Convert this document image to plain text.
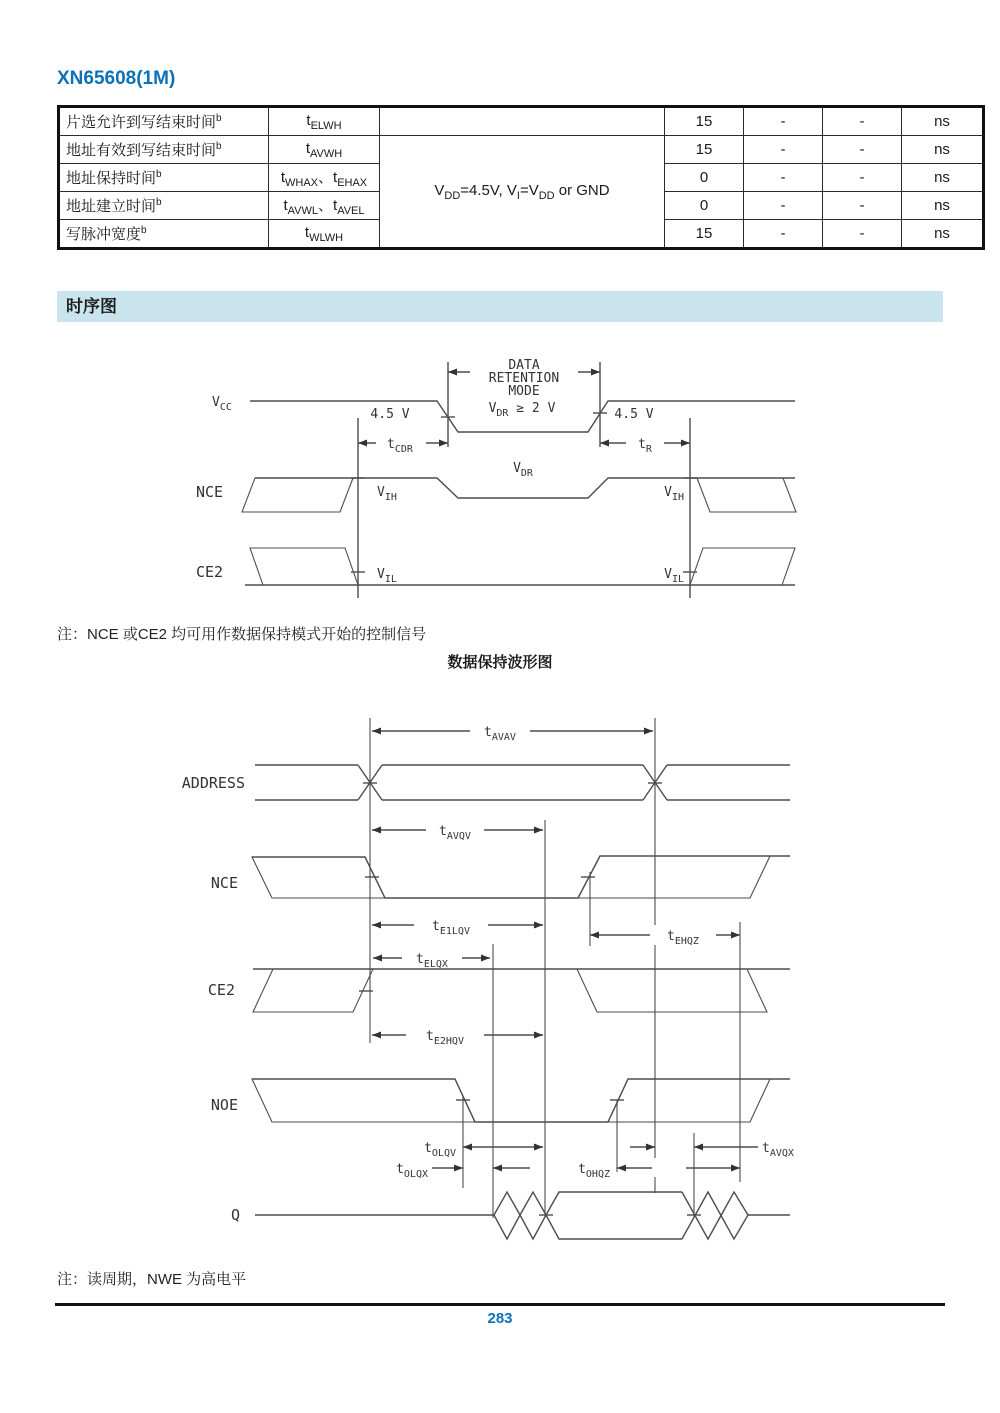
XN65608(1M)
片选允许到写结束时间$^b$	$t_{ELWH}$		15	-	-	ns
地址有效到写结束时间$^b$	$t_{AVWH}$	$V_{DD}=4.5V$, $V_I=V_{DD}$ or GND	15	-	-	ns
地址保持时间$^b$	$t_{WHAX}$、$t_{EHAX}$		0	-	-	ns
地址建立时间$^b$	$t_{AVWL}$、$t_{AVEL}$		0	-	-	ns
写脉冲宽度$^b$	$t_{WLWH}$		15	-	-	ns
时序图
$V_{CC}$
DATA
RETENTION
MODE
$V_{DR} \ge 2$ V
4.5 V	4.5 V
$t_{CDR}$	$t_R$
NCE
$V_{DR}$
$V_{IH}$	$V_{IH}$
CE2	$V_{IL}$	$V_{IL}$
注：NCE 或CE2 均可用作数据保持模式开始的控制信号
数据保持波形图
$t_{AVAV}$
ADDRESS
$t_{AVQV}$
NCE
$t_{E1LQV}$	$t_{EHQZ}$
$t_{ELQX}$
CE2
$t_{E2HQV}$
NOE
$t_{OLQV}$
$t_{OLQX}$	$t_{OHQZ}$
$t_{AVQX}$
Q
注：读周期，NWE 为高电平
283
